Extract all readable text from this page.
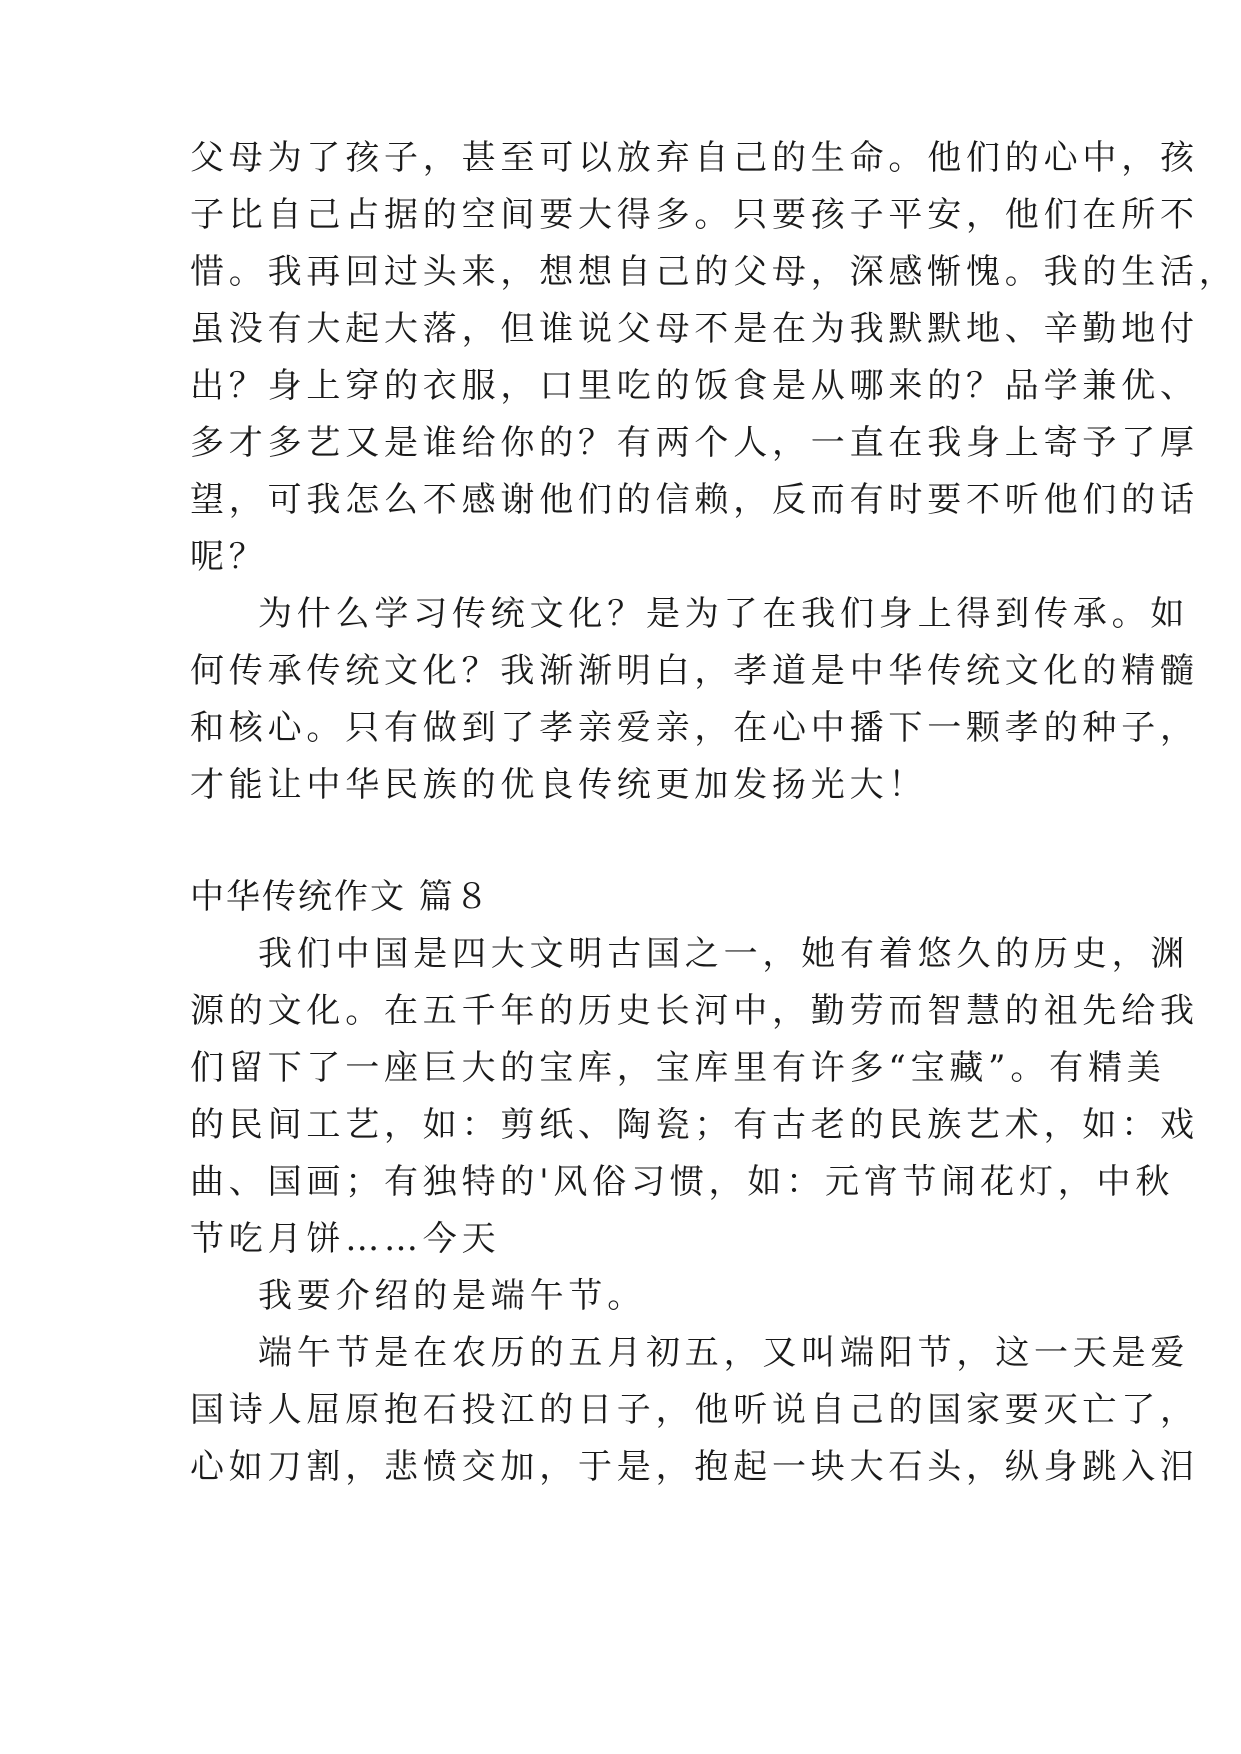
父母为了孩子，甚至可以放弃自己的生命。他们的心中，孩

子比自己占据的空间要大得多。只要孩子平安，他们在所不

惜。我再回过头来，想想自己的父母，深感惭愧。我的生活，

虽没有大起大落，但谁说父母不是在为我默默地、辛勤地付

出？身上穿的衣服，口里吃的饭食是从哪来的？品学兼优、

多才多艺又是谁给你的？有两个人，一直在我身上寄予了厚

望，可我怎么不感谢他们的信赖，反而有时要不听他们的话

呢？

为什么学习传统文化？是为了在我们身上得到传承。如

何传承传统文化？我渐渐明白，孝道是中华传统文化的精髓

和核心。只有做到了孝亲爱亲，在心中播下一颗孝的种子，

才能让中华民族的优良传统更加发扬光大！

中华传统作文 篇８

我们中国是四大文明古国之一，她有着悠久的历史，渊

源的文化。在五千年的历史长河中，勤劳而智慧的祖先给我

们留下了一座巨大的宝库，宝库里有许多“宝藏”。有精美

的民间工艺，如：剪纸、陶瓷；有古老的民族艺术，如：戏

曲、国画；有独特的'风俗习惯，如：元宵节闹花灯，中秋

节吃月饼……今天

我要介绍的是端午节。

端午节是在农历的五月初五，又叫端阳节，这一天是爱

国诗人屈原抱石投江的日子，他听说自己的国家要灭亡了，

心如刀割，悲愤交加，于是，抱起一块大石头，纵身跳入汨
